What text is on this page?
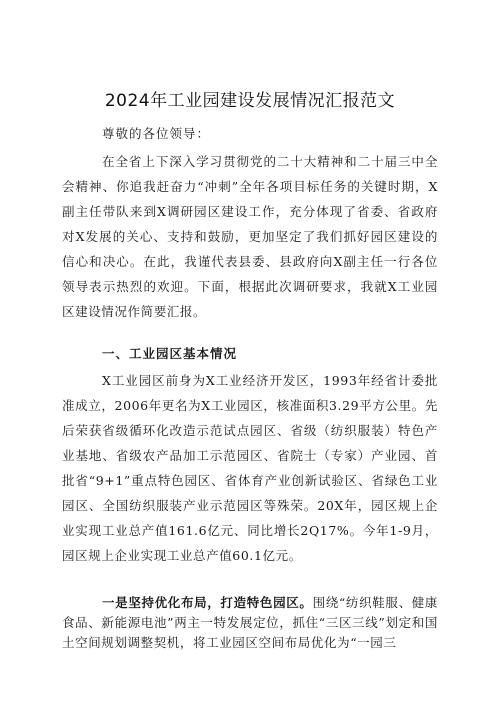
2024年工业园建设发展情况汇报范文
尊敬的各位领导：

在全省上下深入学习贯彻党的二十大精神和二十届三中全会精神、你追我赶奋力“冲刺”全年各项目标任务的关键时期，X副主任带队来到X调研园区建设工作，充分体现了省委、省政府对X发展的关心、支持和鼓励，更加坚定了我们抓好园区建设的信心和决心。在此，我谨代表县委、县政府向X副主任一行各位领导表示热烈的欢迎。下面，根据此次调研要求，我就X工业园区建设情况作简要汇报。

一、工业园区基本情况

X工业园区前身为X工业经济开发区，1993年经省计委批准成立，2006年更名为X工业园区，核准面积3.29平方公里。先后荣获省级循环化改造示范试点园区、省级（纺织服装）特色产业基地、省级农产品加工示范园区、省院士（专家）产业园、首批省“9+1”重点特色园区、省体育产业创新试验区、省绿色工业园区、全国纺织服装产业示范园区等殊荣。20X年，园区规上企业实现工业总产值161.6亿元、同比增长2Q17%。今年1-9月，园区规上企业实现工业总产值60.1亿元。

一是坚持优化布局，打造特色园区。围绕“纺织鞋服、健康食品、新能源电池”两主一特发展定位，抓住“三区三线”划定和国土空间规划调整契机，将工业园区空间布局优化为“一园三
